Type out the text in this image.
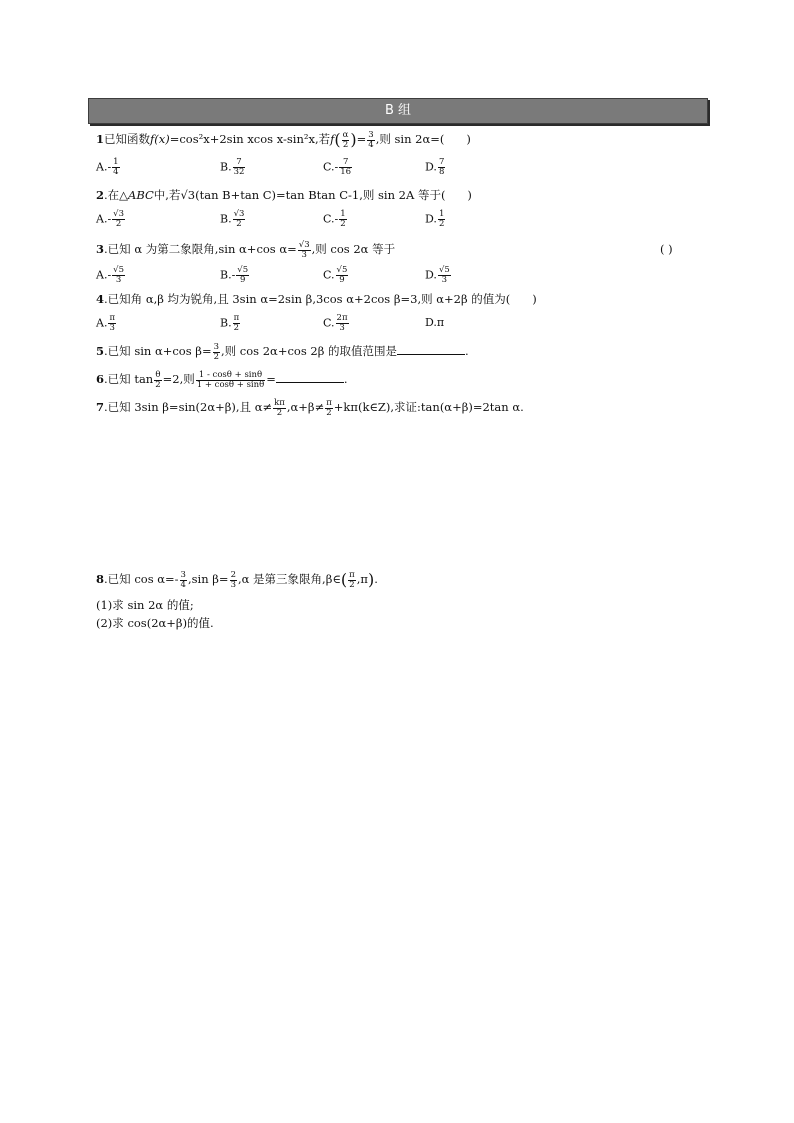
B 组
1已知函数f(x)=cos²x+2sin xcos x-sin²x,若$f( \frac{\alpha}{2}$ )= $\frac{3}{4}$ ,则 sin 2α=( )
$A.- \frac{1}{4}$	B. $\frac{7}{32}$	$C.- \frac{7}{16}$	D. $\frac{7}{8}$
2.在△ABC中,若√3(tan B+tan C)=tan Btan C-1,则 sin 2A 等于( )
$A.- \frac{√3}{2}$	B. $\frac{√3}{2}$	$C.- \frac{1}{2}$	D. $\frac{1}{2}$
3.已知 α 为第二象限角,sin α+cos $\alpha= \frac{√3}{3}$ ,则 cos 2α 等于	( )
$A.- \frac{√5}{3}$	$B.- \frac{√5}{9}$	C. $\frac{√5}{9}$	D. $\frac{√5}{3}$
4.已知角 α,β 均为锐角,且 3sin α=2sin β,3cos α+2cos β=3,则 α+2β 的值为( )
A. $\frac{\pi}{3}$	B. $\frac{\pi}{2}$	C. $\frac{2\pi}{3}$	D.π
5.已知 sin α+cos $\beta= \frac{3}{2}$ ,则 cos 2α+cos 2β 的取值范围是	.
6.已知 $\tan \frac{\theta}{2} =2$,则 $\frac{1 - \cos\theta + \sin\theta}{1 + \cos\theta + \sin\theta}$ =	.
7.已知 3sin β=sin(2α+β),且 $\alpha\ne \frac{k\pi}{2} ,\alpha+\beta\ne \frac{\pi}{2}$ +kπ(k∈Z),求证:tan(α+β)=2tan α.
8.已知 $\cos \alpha=- \frac{3}{4} ,\sin$ $\beta= \frac{2}{3} ,\alpha$ 是第三象限角,β∈( $\frac{\pi}{2} ,\pi$).
(1)求 sin 2α 的值;
(2)求 cos(2α+β)的值.
